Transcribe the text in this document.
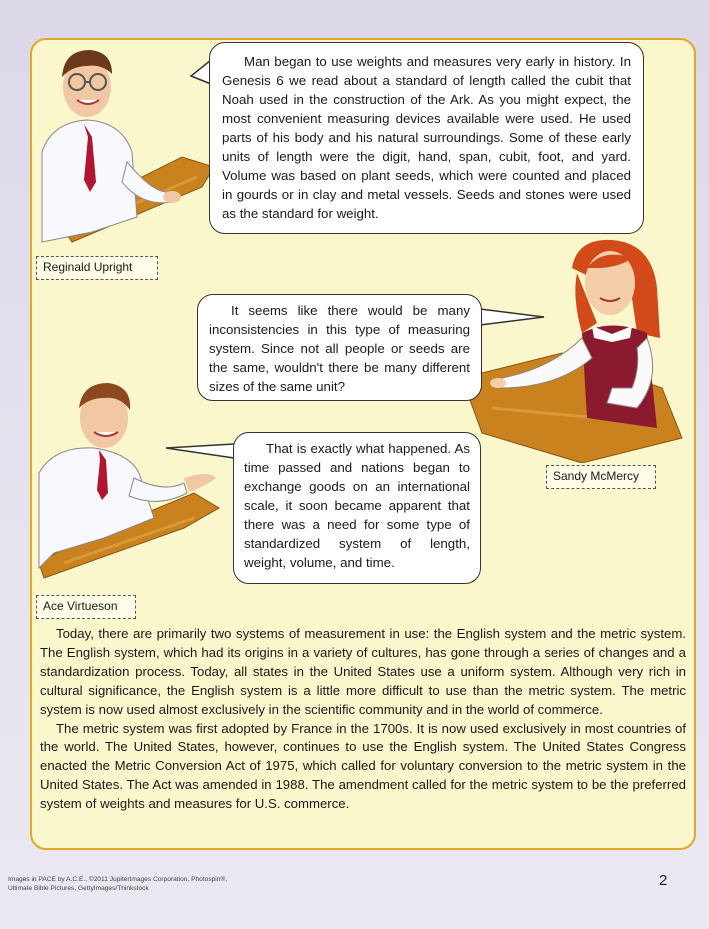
Man began to use weights and measures very early in history. In Genesis 6 we read about a standard of length called the cubit that Noah used in the construction of the Ark. As you might expect, the most convenient measuring devices available were used. He used parts of his body and his natural surroundings. Some of these early units of length were the digit, hand, span, cubit, foot, and yard. Volume was based on plant seeds, which were counted and placed in gourds or in clay and metal vessels. Seeds and stones were used as the standard for weight.

It seems like there would be many inconsistencies in this type of measuring system. Since not all people or seeds are the same, wouldn't there be many different sizes of the same unit?

That is exactly what happened. As time passed and nations began to exchange goods on an international scale, it soon became apparent that there was a need for some type of standardized system of length, weight, volume, and time.

Reginald Upright
Sandy McMercy
Ace Virtueson

Today, there are primarily two systems of measurement in use: the English system and the metric system. The English system, which had its origins in a variety of cultures, has gone through a series of changes and a standardization process. Today, all states in the United States use a uniform system. Although very rich in cultural significance, the English system is a little more difficult to use than the metric system. The metric system is now used almost exclusively in the scientific community and in the world of commerce.

The metric system was first adopted by France in the 1700s. It is now used exclusively in most countries of the world. The United States, however, continues to use the English system. The United States Congress enacted the Metric Conversion Act of 1975, which called for voluntary conversion to the metric system in the United States. The Act was amended in 1988. The amendment called for the metric system to be the preferred system of weights and measures for U.S. commerce.

Images in PACE by A.C.E., ©2011 JupiterImages Corporation, Photospin®,
Ultimate Bible Pictures, GettyImages/Thinkstock	2
